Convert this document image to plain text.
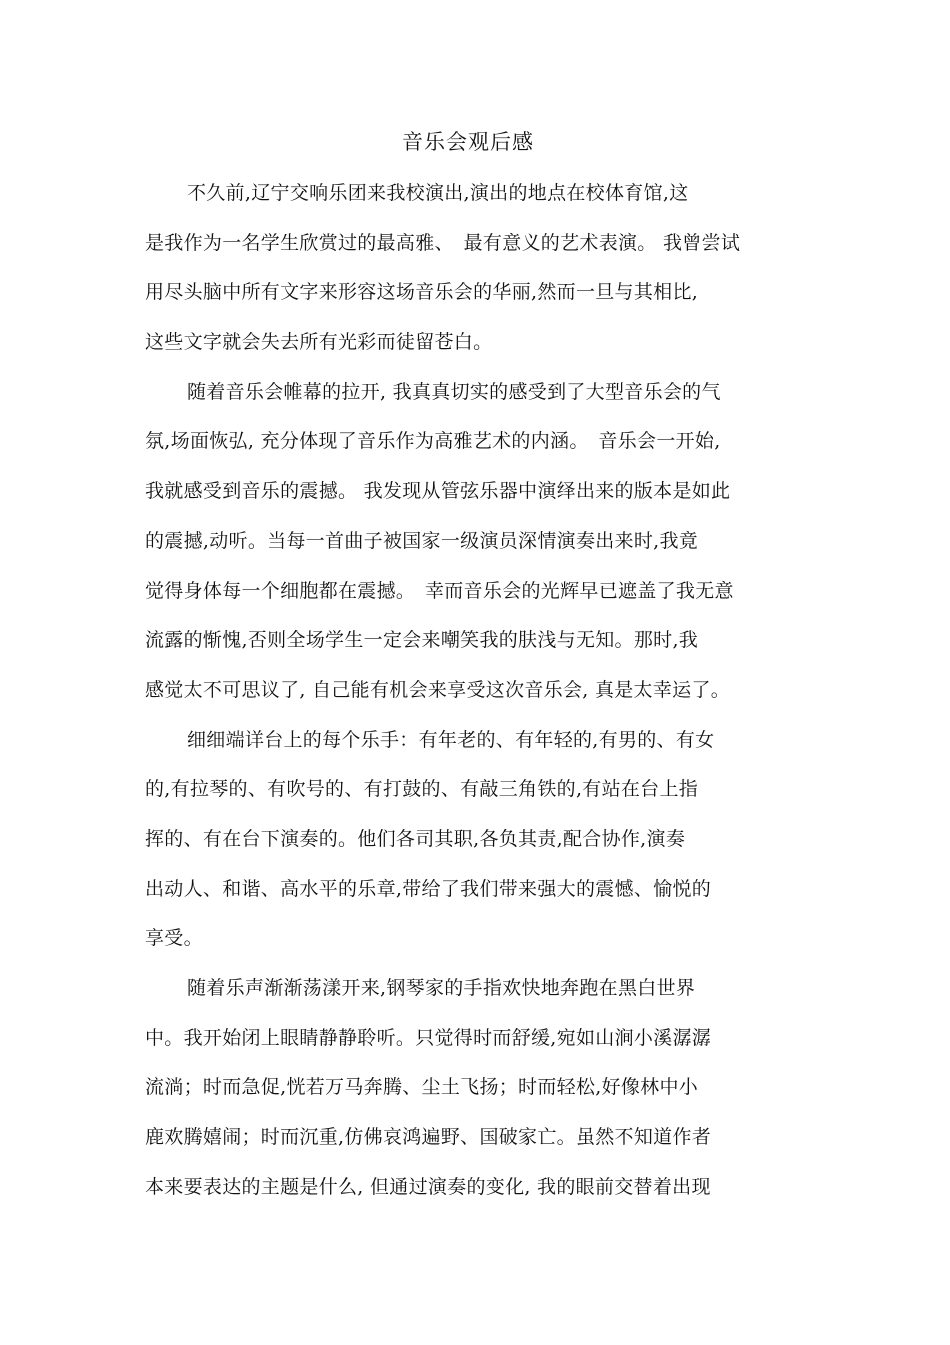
音乐会观后感
不久前,辽宁交响乐团来我校演出,演出的地点在校体育馆,这
是我作为一名学生欣赏过的最高雅、　最有意义的艺术表演。 我曾尝试
用尽头脑中所有文字来形容这场音乐会的华丽,然而一旦与其相比,
这些文字就会失去所有光彩而徒留苍白。
随着音乐会帷幕的拉开, 我真真切实的感受到了大型音乐会的气
氛,场面恢弘, 充分体现了音乐作为高雅艺术的内涵。　音乐会一开始,
我就感受到音乐的震撼。 我发现从管弦乐器中演绎出来的版本是如此
的震撼,动听。当每一首曲子被国家一级演员深情演奏出来时,我竟
觉得身体每一个细胞都在震撼。　幸而音乐会的光辉早已遮盖了我无意
流露的惭愧,否则全场学生一定会来嘲笑我的肤浅与无知。那时,我
感觉太不可思议了, 自己能有机会来享受这次音乐会, 真是太幸运了。
细细端详台上的每个乐手：有年老的、有年轻的,有男的、有女
的,有拉琴的、有吹号的、有打鼓的、有敲三角铁的,有站在台上指
挥的、有在台下演奏的。他们各司其职,各负其责,配合协作,演奏
出动人、和谐、高水平的乐章,带给了我们带来强大的震憾、愉悦的
享受。
随着乐声渐渐荡漾开来,钢琴家的手指欢快地奔跑在黑白世界
中。我开始闭上眼睛静静聆听。只觉得时而舒缓,宛如山涧小溪潺潺
流淌；时而急促,恍若万马奔腾、尘土飞扬；时而轻松,好像林中小
鹿欢腾嬉闹；时而沉重,仿佛哀鸿遍野、国破家亡。虽然不知道作者
本来要表达的主题是什么, 但通过演奏的变化, 我的眼前交替着出现
